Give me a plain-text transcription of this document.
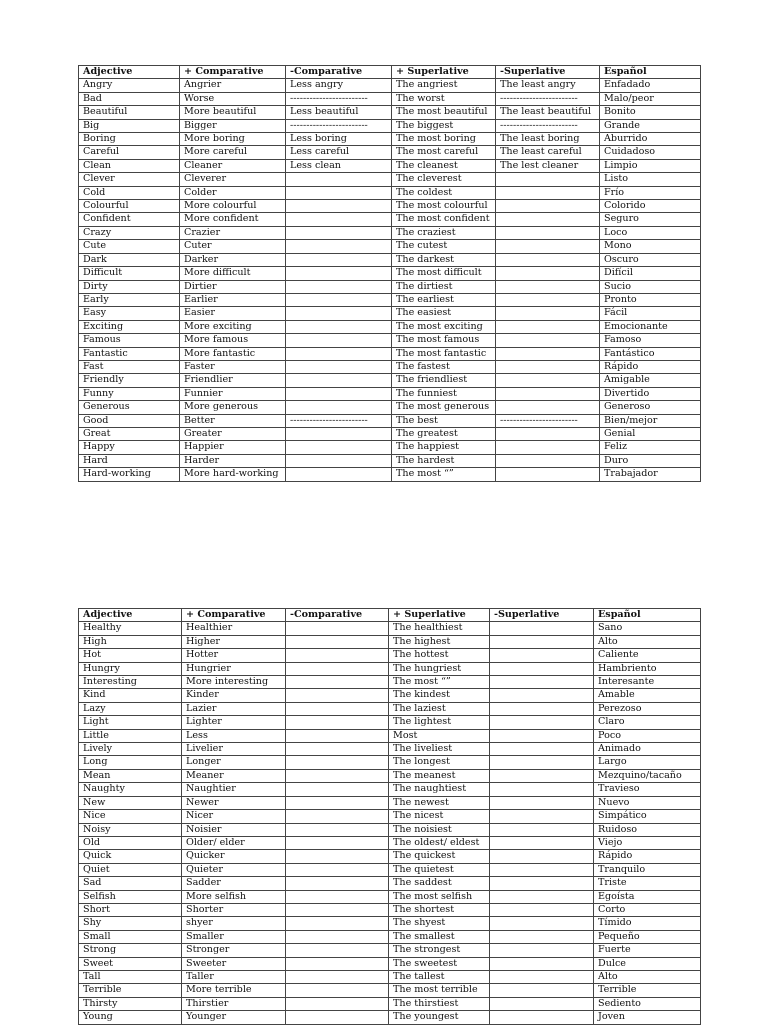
Adjective	+ Comparative	-Comparative	+ Superlative	-Superlative	Español
Angry	Angrier	Less angry	The angriest	The least angry	Enfadado
Bad	Worse	------------------------	The worst	------------------------	Malo/peor
Beautiful	More beautiful	Less beautiful	The most beautiful	The least beautiful	Bonito
Big	Bigger	------------------------	The biggest	------------------------	Grande
Boring	More boring	Less boring	The most boring	The least boring	Aburrido
Careful	More careful	Less careful	The most careful	The least careful	Cuidadoso
Clean	Cleaner	Less clean	The cleanest	The lest cleaner	Limpio
Clever	Cleverer		The cleverest		Listo
Cold	Colder		The coldest		Frío
Colourful	More colourful		The most colourful		Colorido
Confident	More confident		The most confident		Seguro
Crazy	Crazier		The craziest		Loco
Cute	Cuter		The cutest		Mono
Dark	Darker		The darkest		Oscuro
Difficult	More difficult		The most difficult		Difícil
Dirty	Dirtier		The dirtiest		Sucio
Early	Earlier		The earliest		Pronto
Easy	Easier		The easiest		Fácil
Exciting	More exciting		The most exciting		Emocionante
Famous	More famous		The most famous		Famoso
Fantastic	More fantastic		The most fantastic		Fantástico
Fast	Faster		The fastest		Rápido
Friendly	Friendlier		The friendliest		Amigable
Funny	Funnier		The funniest		Divertido
Generous	More generous		The most generous		Generoso
Good	Better	------------------------	The best	------------------------	Bien/mejor
Great	Greater		The greatest		Genial
Happy	Happier		The happiest		Feliz
Hard	Harder		The hardest		Duro
Hard-working	More hard-working		The most “”		Trabajador
Adjective	+ Comparative	-Comparative	+ Superlative	-Superlative	Español
Healthy	Healthier		The healthiest		Sano
High	Higher		The highest		Alto
Hot	Hotter		The hottest		Caliente
Hungry	Hungrier		The hungriest		Hambriento
Interesting	More interesting		The most “”		Interesante
Kind	Kinder		The kindest		Amable
Lazy	Lazier		The laziest		Perezoso
Light	Lighter		The lightest		Claro
Little	Less		Most		Poco
Lively	Livelier		The liveliest		Animado
Long	Longer		The longest		Largo
Mean	Meaner		The meanest		Mezquino/tacaño
Naughty	Naughtier		The naughtiest		Travieso
New	Newer		The newest		Nuevo
Nice	Nicer		The nicest		Simpático
Noisy	Noisier		The noisiest		Ruidoso
Old	Older/ elder		The oldest/ eldest		Viejo
Quick	Quicker		The quickest		Rápido
Quiet	Quieter		The quietest		Tranquilo
Sad	Sadder		The saddest		Triste
Selfish	More selfish		The most selfish		Egoísta
Short	Shorter		The shortest		Corto
Shy	shyer		The shyest		Tímido
Small	Smaller		The smallest		Pequeño
Strong	Stronger		The strongest		Fuerte
Sweet	Sweeter		The sweetest		Dulce
Tall	Taller		The tallest		Alto
Terrible	More terrible		The most terrible		Terrible
Thirsty	Thirstier		The thirstiest		Sediento
Young	Younger		The youngest		Joven
